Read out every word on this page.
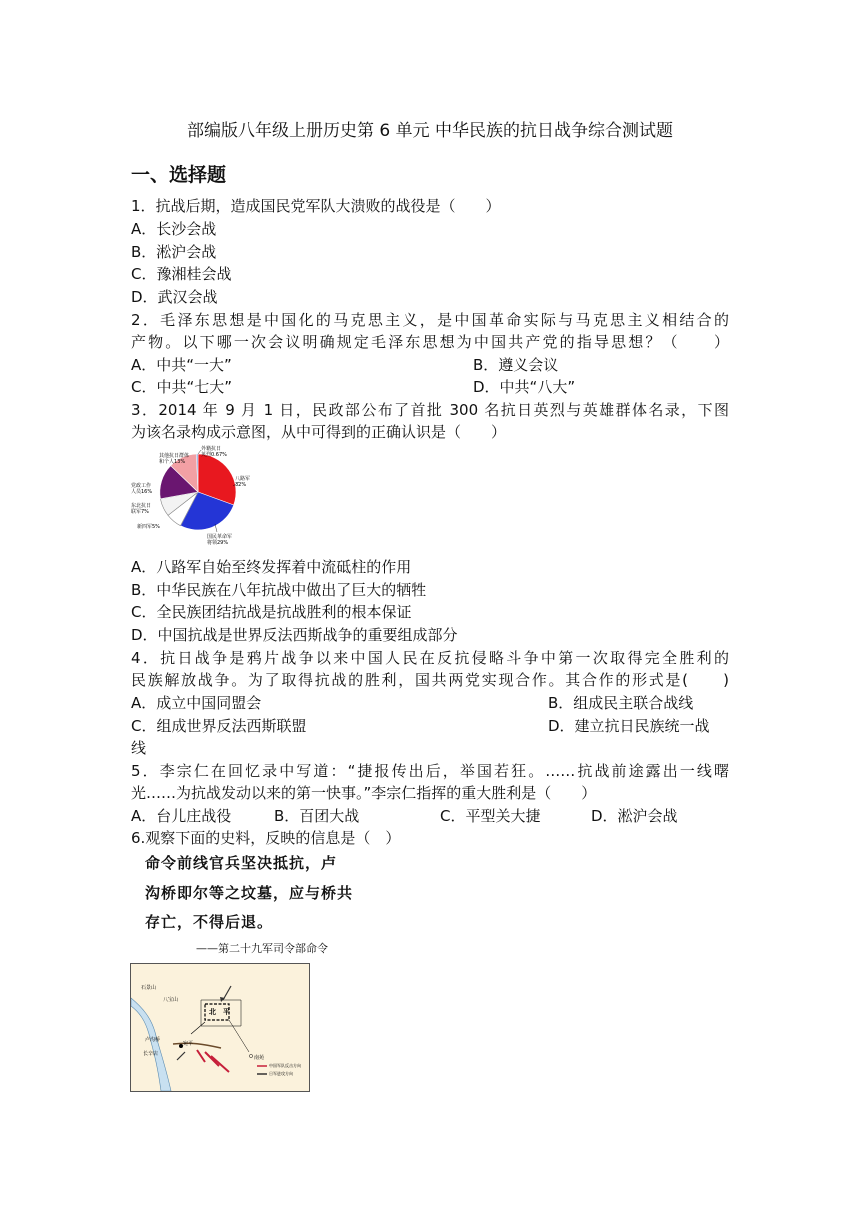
部编版八年级上册历史第 6 单元 中华民族的抗日战争综合测试题
一、选择题
1．抗战后期，造成国民党军队大溃败的战役是（　　）
A．长沙会战
B．淞沪会战
C．豫湘桂会战
D．武汉会战
2．毛泽东思想是中国化的马克思主义，是中国革命实际与马克思主义相结合的
产物。以下哪一次会议明确规定毛泽东思想为中国共产党的指导思想？（　　）
A．中共“一大”	B．遵义会议
C．中共“七大”	D．中共“八大”
3．2014 年 9 月 1 日，民政部公布了首批 300 名抗日英烈与英雄群体名录，下图
为该名录构成示意图，从中可得到的正确认识是（　　）
外籍抗日
英烈0.67%
其他抗日群体
和个人13%
党政工作
人员16%
东北抗日
联军7%
新四军5%
八路军
32%
国民革命军
将领29%
A．八路军自始至终发挥着中流砥柱的作用
B．中华民族在八年抗战中做出了巨大的牺牲
C．全民族团结抗战是抗战胜利的根本保证
D．中国抗战是世界反法西斯战争的重要组成部分
4．抗日战争是鸦片战争以来中国人民在反抗侵略斗争中第一次取得完全胜利的
民族解放战争。为了取得抗战的胜利，国共两党实现合作。其合作的形式是(　　)
A．成立中国同盟会	B．组成民主联合战线
C．组成世界反法西斯联盟	D．建立抗日民族统一战
线
5．李宗仁在回忆录中写道：“捷报传出后，举国若狂。……抗战前途露出一线曙
光……为抗战发动以来的第一快事。”李宗仁指挥的重大胜利是（　　）
A．台儿庄战役	B．百团大战	C．平型关大捷	D．淞沪会战
6.观察下面的史料，反映的信息是（　）
命令前线官兵坚决抵抗，卢
沟桥即尔等之坟墓，应与桥共
存亡，不得后退。
——第二十九军司令部命令
石景山
八宝山
北　平
卢沟桥
宛平
长辛店
南苑
中国军队反击方向
日军进攻方向
